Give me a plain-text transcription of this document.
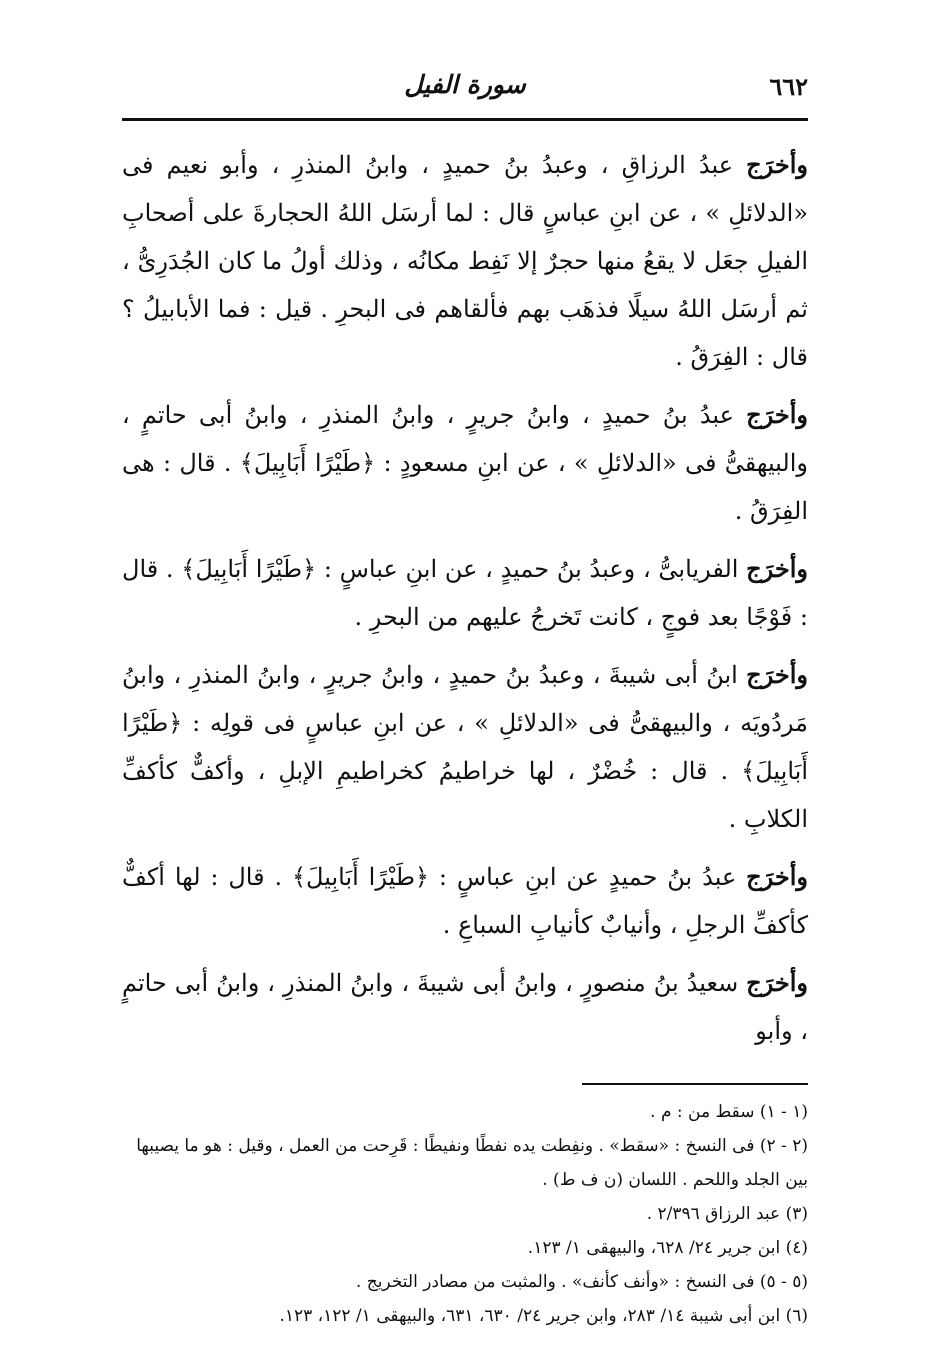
٦٦٢
سورة الفيل

وأخرَج عبدُ الرزاقِ ، وعبدُ بنُ حميدٍ ، وابنُ المنذرِ ، وأبو نعيم فى «الدلائلِ » ، عن ابنِ عباسٍ قال : لما أرسَل اللهُ الحجارةَ على أصحابِ الفيلِ جعَل لا يقعُ منها حجرٌ إلا نَفِط مكانُه ، وذلك أولُ ما كان الجُدَرِىُّ ، ثم أرسَل اللهُ سيلًا فذهَب بهم فألقاهم فى البحرِ . قيل : فما الأبابيلُ ؟ قال : الفِرَقُ .

وأخرَج عبدُ بنُ حميدٍ ، وابنُ جريرٍ ، وابنُ المنذرِ ، وابنُ أبى حاتمٍ ، والبيهقىُّ فى «الدلائلِ » ، عن ابنِ مسعودٍ : ﴿طَيْرًا أَبَابِيلَ﴾ . قال : هى الفِرَقُ .

وأخرَج الفريابىُّ ، وعبدُ بنُ حميدٍ ، عن ابنِ عباسٍ : ﴿طَيْرًا أَبَابِيلَ﴾ . قال : فَوْجًا بعد فوجٍ ، كانت تَخرجُ عليهم من البحرِ .

وأخرَج ابنُ أبى شيبةَ ، وعبدُ بنُ حميدٍ ، وابنُ جريرٍ ، وابنُ المنذرِ ، وابنُ مَردُويَه ، والبيهقىُّ فى «الدلائلِ » ، عن ابنِ عباسٍ فى قولِه : ﴿طَيْرًا أَبَابِيلَ﴾ . قال : خُضْرٌ ، لها خراطيمُ كخراطيمِ الإبلِ ، وأكفٌّ كأكفِّ الكلابِ .

وأخرَج عبدُ بنُ حميدٍ عن ابنِ عباسٍ : ﴿طَيْرًا أَبَابِيلَ﴾ . قال : لها أكفٌّ كأكفِّ الرجلِ ، وأنيابٌ كأنيابِ السباعِ .

وأخرَج سعيدُ بنُ منصورٍ ، وابنُ أبى شيبةَ ، وابنُ المنذرِ ، وابنُ أبى حاتمٍ ، وأبو

(١ - ١) سقط من : م .

(٢ - ٢) فى النسخ : «سقط» . ونفِطت يده نفطًا ونفيطًا : قَرِحت من العمل ، وقيل : هو ما يصيبها بين الجلد واللحم . اللسان (ن ف ط) .

(٣) عبد الرزاق ٢/٣٩٦ .

(٤) ابن جرير ٢٤/ ٦٢٨، والبيهقى ١/ ١٢٣.

(٥ - ٥) فى النسخ : «وأنف كأنف» . والمثبت من مصادر التخريج .

(٦) ابن أبى شيبة ١٤/ ٢٨٣، وابن جرير ٢٤/ ٦٣٠، ٦٣١، والبيهقى ١/ ١٢٢، ١٢٣.
